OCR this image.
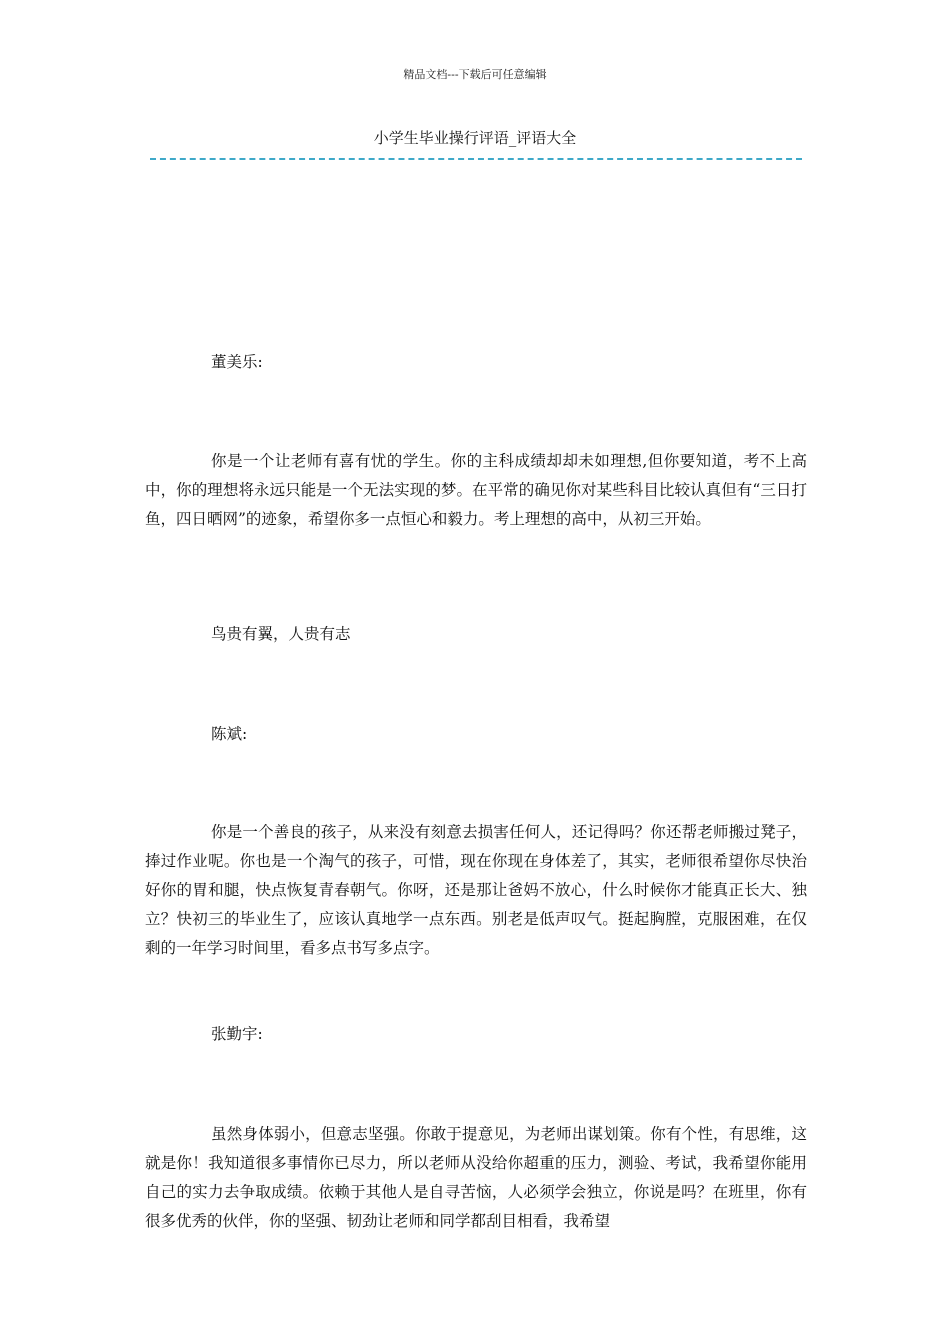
精品文档---下载后可任意编辑
小学生毕业操行评语_评语大全
董美乐:
你是一个让老师有喜有忧的学生。你的主科成绩却却未如理想,但你要知道，考不上高中，你的理想将永远只能是一个无法实现的梦。在平常的确见你对某些科目比较认真但有“三日打鱼，四日晒网”的迹象，希望你多一点恒心和毅力。考上理想的高中，从初三开始。
鸟贵有翼，人贵有志
陈斌:
你是一个善良的孩子，从来没有刻意去损害任何人，还记得吗？你还帮老师搬过凳子，捧过作业呢。你也是一个淘气的孩子，可惜，现在你现在身体差了，其实，老师很希望你尽快治好你的胃和腿，快点恢复青春朝气。你呀，还是那让爸妈不放心，什么时候你才能真正长大、独立？快初三的毕业生了，应该认真地学一点东西。别老是低声叹气。挺起胸膛，克服困难，在仅剩的一年学习时间里，看多点书写多点字。
张勤宇:
虽然身体弱小，但意志坚强。你敢于提意见，为老师出谋划策。你有个性，有思维，这就是你！我知道很多事情你已尽力，所以老师从没给你超重的压力，测验、考试，我希望你能用自己的实力去争取成绩。依赖于其他人是自寻苦恼，人必须学会独立，你说是吗？在班里，你有很多优秀的伙伴，你的坚强、韧劲让老师和同学都刮目相看，我希望
